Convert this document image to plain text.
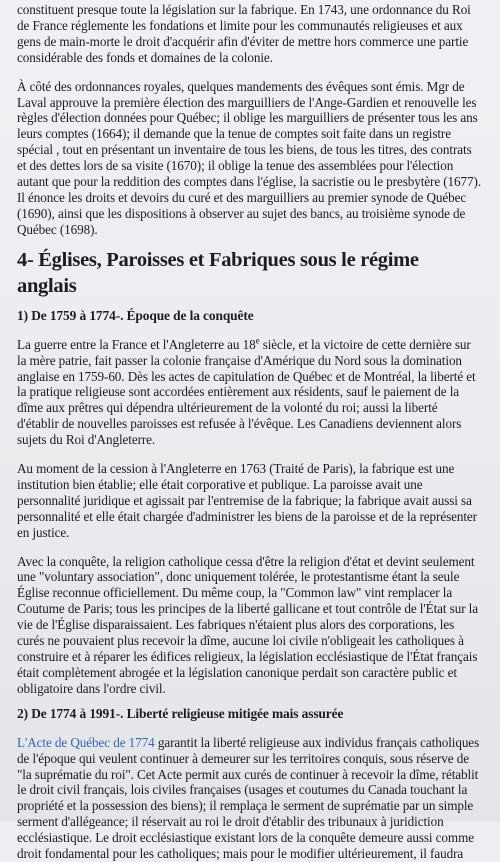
constituent presque toute la législation sur la fabrique. En 1743, une ordonnance du Roi de France réglemente les fondations et limite pour les communautés religieuses et aux gens de main-morte le droit d'acquérir afin d'éviter de mettre hors commerce une partie considérable des fonds et domaines de la colonie.

À côté des ordonnances royales, quelques mandements des évêques sont émis. Mgr de Laval approuve la première élection des marguilliers de l'Ange-Gardien et renouvelle les règles d'élection données pour Québec; il oblige les marguilliers de présenter tous les ans leurs comptes (1664); il demande que la tenue de comptes soit faite dans un registre spécial , tout en présentant un inventaire de tous les biens, de tous les titres, des contrats et des dettes lors de sa visite (1670); il oblige la tenue des assemblées pour l'élection autant que pour la reddition des comptes dans l'église, la sacristie ou le presbytère (1677). Il énonce les droits et devoirs du curé et des marguilliers au premier synode de Québec (1690), ainsi que les dispositions à observer au sujet des bancs, au troisième synode de Québec (1698).

4- Églises, Paroisses et Fabriques sous le régime anglais
1) De 1759 à 1774-. Époque de la conquête

La guerre entre la France et l'Angleterre au 18e siècle, et la victoire de cette dernière sur la mère patrie, fait passer la colonie française d'Amérique du Nord sous la domination anglaise en 1759-60. Dès les actes de capitulation de Québec et de Montréal, la liberté et la pratique religieuse sont accordées entièrement aux résidents, sauf le paiement de la dîme aux prêtres qui dépendra ultérieurement de la volonté du roi; aussi la liberté d'établir de nouvelles paroisses est refusée à l'évêque. Les Canadiens deviennent alors sujets du Roi d'Angleterre.

Au moment de la cession à l'Angleterre en 1763 (Traité de Paris), la fabrique est une institution bien établie; elle était corporative et publique. La paroisse avait une personnalité juridique et agissait par l'entremise de la fabrique; la fabrique avait aussi sa personnalité et elle était chargée d'administrer les biens de la paroisse et de la représenter en justice.

Avec la conquête, la religion catholique cessa d'être la religion d'état et devint seulement une "voluntary association", donc uniquement tolérée, le protestantisme étant la seule Église reconnue officiellement. Du même coup, la "Common law" vint remplacer la Coutume de Paris; tous les principes de la liberté gallicane et tout contrôle de l'État sur la vie de l'Église disparaissaient. Les fabriques n'étaient plus alors des corporations, les curés ne pouvaient plus recevoir la dîme, aucune loi civile n'obligeait les catholiques à construire et à réparer les édifices religieux, la législation ecclésiastique de l'État français était complètement abrogée et la législation canonique perdait son caractère public et obligatoire dans l'ordre civil.

2) De 1774 à 1991-. Liberté religieuse mitigée mais assurée

L'Acte de Québec de 1774 garantit la liberté religieuse aux individus français catholiques de l'époque qui veulent continuer à demeurer sur les territoires conquis, sous réserve de "la suprématie du roi". Cet Acte permit aux curés de continuer à recevoir la dîme, rétablit le droit civil français, lois civiles françaises (usages et coutumes du Canada touchant la propriété et la possession des biens); il remplaça le serment de suprématie par un simple serment d'allégeance; il réservait au roi le droit d'établir des tribunaux à juridiction ecclésiastique. Le droit ecclésiastique existant lors de la conquête demeure aussi comme droit fondamental pour les catholiques; mais pour le modifier ultérieurement, il faudra
